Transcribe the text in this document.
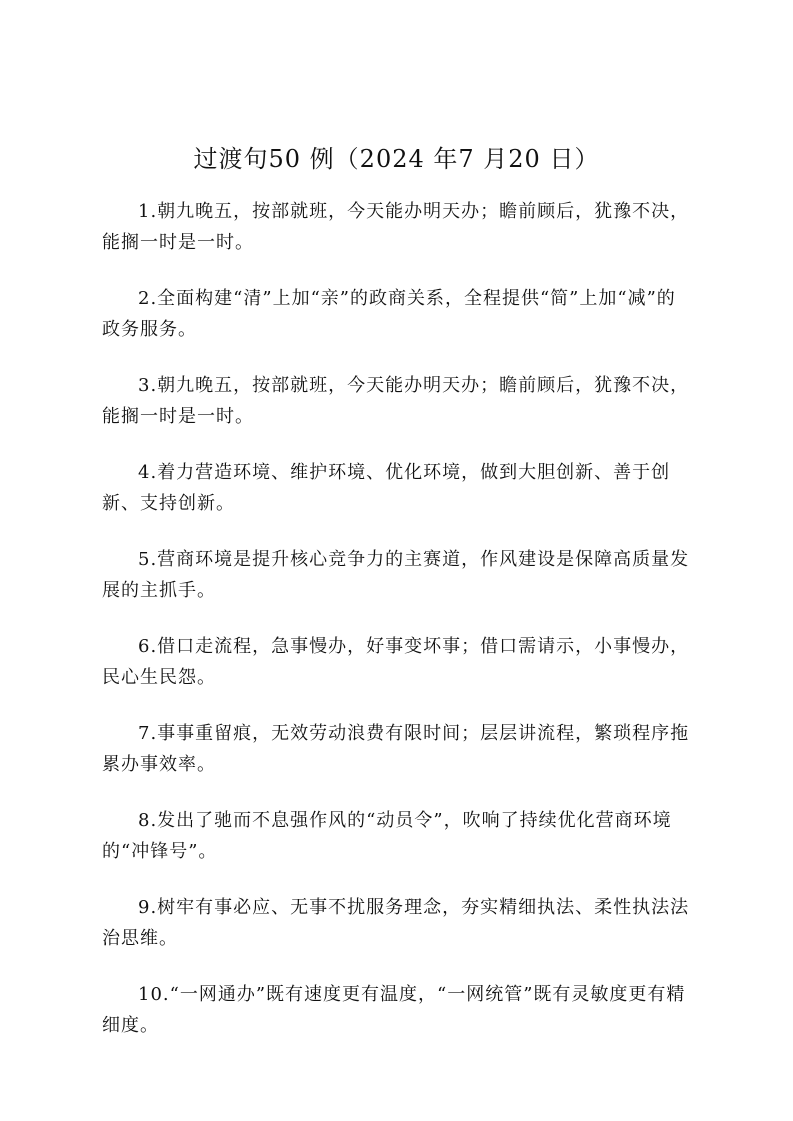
过渡句50 例（2024 年7 月20 日）

1.朝九晚五，按部就班，今天能办明天办；瞻前顾后，犹豫不决，能搁一时是一时。

2.全面构建“清”上加“亲”的政商关系，全程提供“简”上加“减”的政务服务。

3.朝九晚五，按部就班，今天能办明天办；瞻前顾后，犹豫不决，能搁一时是一时。

4.着力营造环境、维护环境、优化环境，做到大胆创新、善于创新、支持创新。

5.营商环境是提升核心竞争力的主赛道，作风建设是保障高质量发展的主抓手。

6.借口走流程，急事慢办，好事变坏事；借口需请示，小事慢办，民心生民怨。

7.事事重留痕，无效劳动浪费有限时间；层层讲流程，繁琐程序拖累办事效率。

8.发出了驰而不息强作风的“动员令”，吹响了持续优化营商环境的“冲锋号”。

9.树牢有事必应、无事不扰服务理念，夯实精细执法、柔性执法法治思维。

10.“一网通办”既有速度更有温度，“一网统管”既有灵敏度更有精细度。
